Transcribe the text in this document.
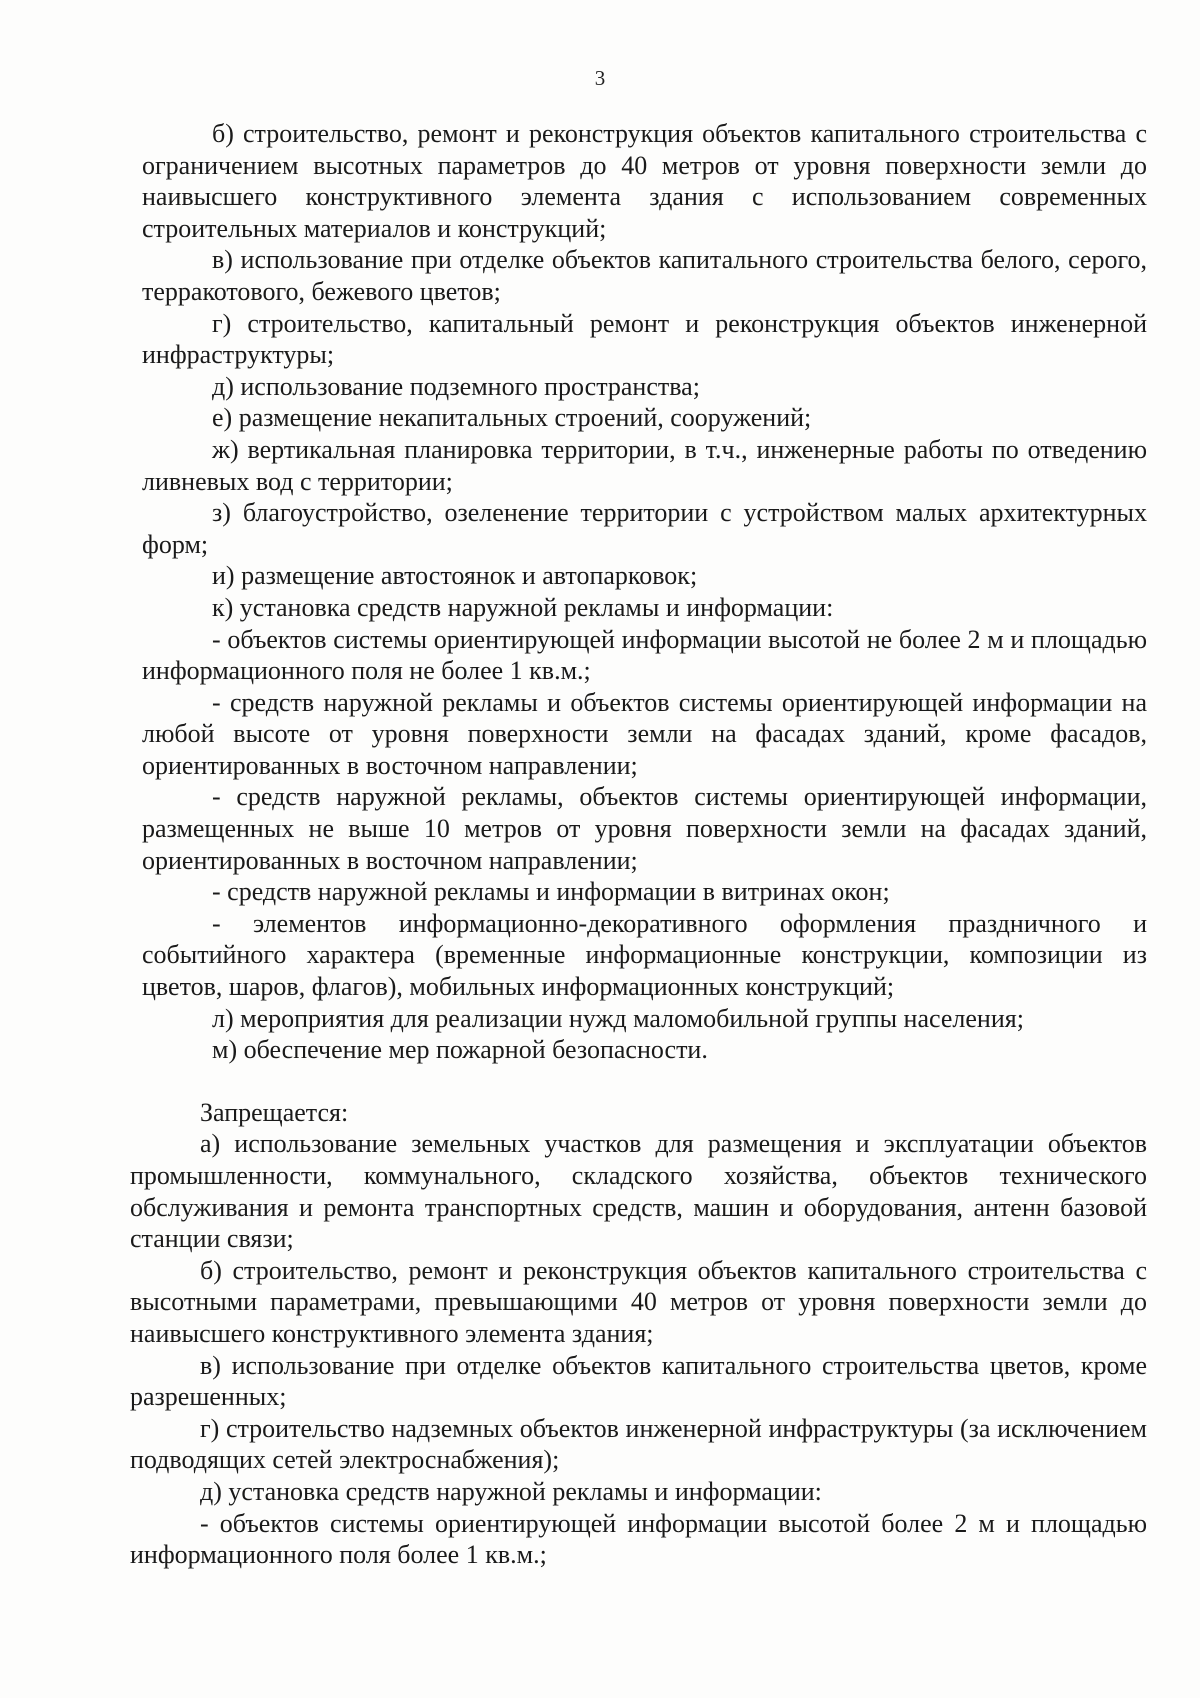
3

б) строительство, ремонт и реконструкция объектов капитального строительства с ограничением высотных параметров до 40 метров от уровня поверхности земли до наивысшего конструктивного элемента здания с использованием современных строительных материалов и конструкций;

в) использование при отделке объектов капитального строительства белого, серого, терракотового, бежевого цветов;

г) строительство, капитальный ремонт и реконструкция объектов инженерной инфраструктуры;

д) использование подземного пространства;

е) размещение некапитальных строений, сооружений;

ж) вертикальная планировка территории, в т.ч., инженерные работы по отведению ливневых вод с территории;

з) благоустройство, озеленение территории с устройством малых архитектурных форм;

и) размещение автостоянок и автопарковок;

к) установка средств наружной рекламы и информации:

- объектов системы ориентирующей информации высотой не более 2 м и площадью информационного поля не более 1 кв.м.;

- средств наружной рекламы и объектов системы ориентирующей информации на любой высоте от уровня поверхности земли на фасадах зданий, кроме фасадов, ориентированных в восточном направлении;

- средств наружной рекламы, объектов системы ориентирующей информации, размещенных не выше 10 метров от уровня поверхности земли на фасадах зданий, ориентированных в восточном направлении;

- средств наружной рекламы и информации в витринах окон;

- элементов информационно-декоративного оформления праздничного и событийного характера (временные информационные конструкции, композиции из цветов, шаров, флагов), мобильных информационных конструкций;

л) мероприятия для реализации нужд маломобильной группы населения;

м) обеспечение мер пожарной безопасности.

Запрещается:

а) использование земельных участков для размещения и эксплуатации объектов промышленности, коммунального, складского хозяйства, объектов технического обслуживания и ремонта транспортных средств, машин и оборудования, антенн базовой станции связи;

б) строительство, ремонт и реконструкция объектов капитального строительства с высотными параметрами, превышающими 40 метров от уровня поверхности земли до наивысшего конструктивного элемента здания;

в) использование при отделке объектов капитального строительства цветов, кроме разрешенных;

г) строительство надземных объектов инженерной инфраструктуры (за исключением подводящих сетей электроснабжения);

д) установка средств наружной рекламы и информации:

- объектов системы ориентирующей информации высотой более 2 м и площадью информационного поля более 1 кв.м.;
